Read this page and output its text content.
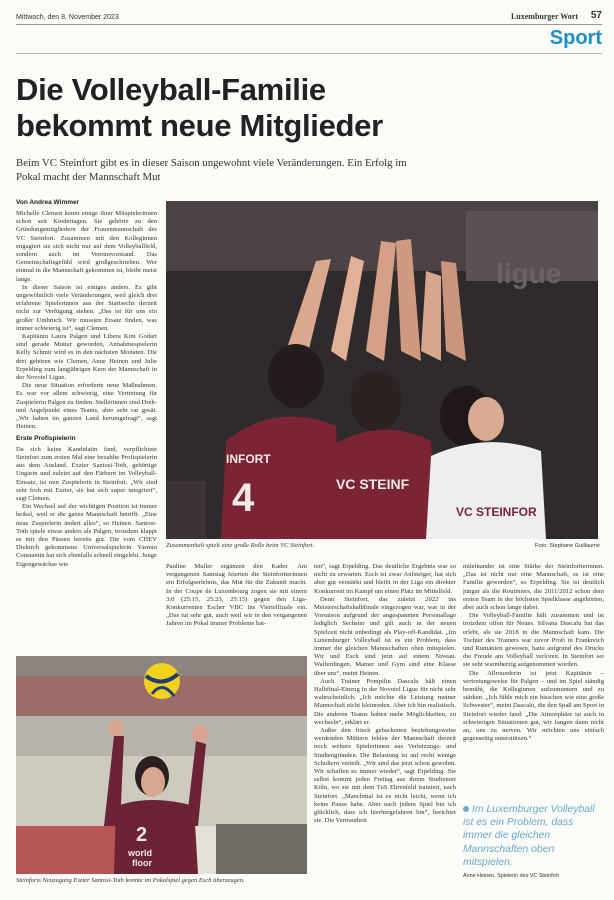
Mittwoch, den 8. November 2023	Luxemburger Wort 57
Sport
Die Volleyball-Familie bekommt neue Mitglieder

Beim VC Steinfort gibt es in dieser Saison ungewohnt viele Veränderungen. Ein Erfolg im Pokal macht der Mannschaft Mut

Von Andrea Wimmer

Michelle Clemen kennt einige ihrer Mitspielerinnen schon seit Kindertagen. Sie gehörte zu den Gründungsmitgliedern der Frauenmannschaft des VC Steinfort. Zusammen mit den Kolleginnen engagiert sie sich nicht nur auf dem Volleyballfeld, sondern auch im Vereinsvorstand. Das Gemeinschaftsgefühl wird großgeschrieben. Wer einmal in die Mannschaft gekommen ist, bleibt meist lange.

In dieser Saison ist einiges anders. Es gibt ungewöhnlich viele Veränderungen, weil gleich drei erfahrene Spielerinnen aus der Startsechs derzeit nicht zur Verfügung stehen. „Das ist für uns ein großer Umbruch. Wir mussten Ersatz finden, was immer schwierig ist“, sagt Clemen.

Kapitänin Laura Palgen und Libera Kim Godart sind gerade Mutter geworden, Annahmespielerin Kelly Schmit wird es in den nächsten Monaten. Die drei gehören wie Clemen, Anne Heinen und Julie Erpelding zum langjährigen Kern der Mannschaft in der Novotel Ligue.

Die neue Situation erforderte neue Maßnahmen. Es war vor allem schwierig, eine Vertretung für Zuspielerin Palgen zu finden. Stellerinnen sind Dreh- und Angelpunkt eines Teams, aber sehr rar gesät. „Wir haben im ganzen Land herumgefragt“, sagt Heinen.

Erste Profispielerin

Da sich keine Kandidatin fand, verpflichtete Steinfort zum ersten Mal eine bezahlte Profispielerin aus dem Ausland. Exzter Santosi-Toth, gebürtige Ungarin und zuletzt auf den Färbern im Volleyball-Einsatz, ist nun Zuspielerin in Steinfort. „Wir sind sehr froh mit Eszter, sie hat sich super integriert“, sagt Clemen.

Ein Wechsel auf der wichtigen Position ist immer heikel, weil er die ganze Mannschaft betrifft. „Eine neue Zuspielerin ändert alles“, so Heinen. Santosi-Toth spiele etwas anders als Palgen, trotzdem klappt es mit den Pässen bereits gut. Die vom CHEV Diekirch gekommene Universalspielerin Yasmin Constantin hat sich ebenfalls schnell eingelebt. Junge Eigengewächse wie

ligue
4
INFORT
VC STEINF
VC STEINFOR
Zusammenhalt spielt eine große Rolle beim VC Steinfort.	Foto: Stephane Guillaume

Pauline Muller ergänzen den Kader. Am vergangenen Samstag feierten die Steinfortterinnen ein Erfolgserlebnis, das Mut für die Zukunft macht. In der Coupe de Luxembourg zogen sie mit einem 3:0 (25:15, 25:23, 25:15) gegen den Liga-Konkurrenten Escher VBC ins Viertelfinale ein. „Das tut sehr gut, auch weil wir in den vergangenen Jahren im Pokal immer Probleme hat-

ten“, sagt Erpelding. Das deutliche Ergebnis war so nicht zu erwarten. Esch ist zwar Aufsteiger, hat sich aber gut verstärkt und bleibt in der Liga ein direkter Konkurrent im Kampf um einen Platz im Mittelfeld.

Denn Steinfort, das zuletzt 2022 ins Meisterschaftshalbfinale eingezogen war, war in der Vorsaison aufgrund der angespannten Personallage lediglich Sechster und gilt auch in der neuen Spielzeit nicht unbedingt als Play-off-Kandidat. „Im Luxemburger Volleyball ist es ein Problem, dass immer die gleichen Mannschaften oben mitspielen. Wir und Esch sind jetzt auf einem Niveau. Walferdingen, Mamer und Gym sind eine Klasse über uns“, meint Heinen.

Auch Trainer Pompiliu Dascalu hält einen Halbfinal-Einzug in der Novotel Ligue für nicht sehr wahrscheinlich. „Ich möchte die Leistung meiner Mannschaft nicht kleinreden. Aber ich bin realistisch. Die anderen Teams haben mehr Möglichkeiten, zu wechseln“, erklärt er.

Außer den frisch gebackenen beziehungsweise werdenden Müttern fehlen der Mannschaft derzeit noch weitere Spielerinnen aus Verletzungs- und Studiengründen. Die Belastung ist auf recht wenige Schultern verteilt. „Wir sind das jetzt schon gewohnt. Wir schaffen es immer wieder“, sagt Erpelding. Sie selbst kommt jeden Freitag aus ihrem Studienort Köln, wo sie mit dem TuS Ehrenfeld trainiert, nach Steinfort. „Manchmal ist es nicht leicht, wenn ich keine Pause habe. Aber nach jedem Spiel bin ich glücklich, dass ich hierhergefahren bin“, berichtet sie. Die Vertrautheit

miteinander ist eine Stärke der Steinfortterinnen. „Das ist nicht nur eine Mannschaft, es ist eine Familie geworden“, so Erpelding. Sie ist deutlich jünger als die Routiniers, die 2011/2012 schon dem ersten Team in der höchsten Spielklasse angehörten, aber auch schon lange dabei.

Die Volleyball-Familie hält zusammen und ist trotzdem offen für Neues. Silvana Dascalu hat das erlebt, als sie 2018 in die Mannschaft kam. Die Tochter des Trainers war zuvor Profi in Frankreich und Rumänien gewesen, hatte aufgrund des Drucks die Freude am Volleyball verloren. In Steinfort sei sie sehr warmherzig aufgenommen worden.

Die Allrounderin ist jetzt Kapitänin – vertretungsweise für Palgen – und im Spiel ständig bemüht, die Kolleginnen aufzumuntern und zu stärken. „Ich fühle mich ein bisschen wie eine große Schwester“, meint Dascalu, die den Spaß am Sport in Steinfort wieder fand: „Die Atmosphäre ist auch in schwierigen Situationen gut, wir fangen dann nicht an, uns zu nerven. Wir möchten uns einfach gegenseitig unterstützen.“

2
world
floor
Steinforts Neuzugang Eszter Santosi-Toth konnte im Pokalspiel gegen Esch überzeugen.
Im Luxemburger Volleyball ist es ein Problem, dass immer die gleichen Mannschaften oben mitspielen.
Anne Heinen, Spielerin des VC Steinfort
